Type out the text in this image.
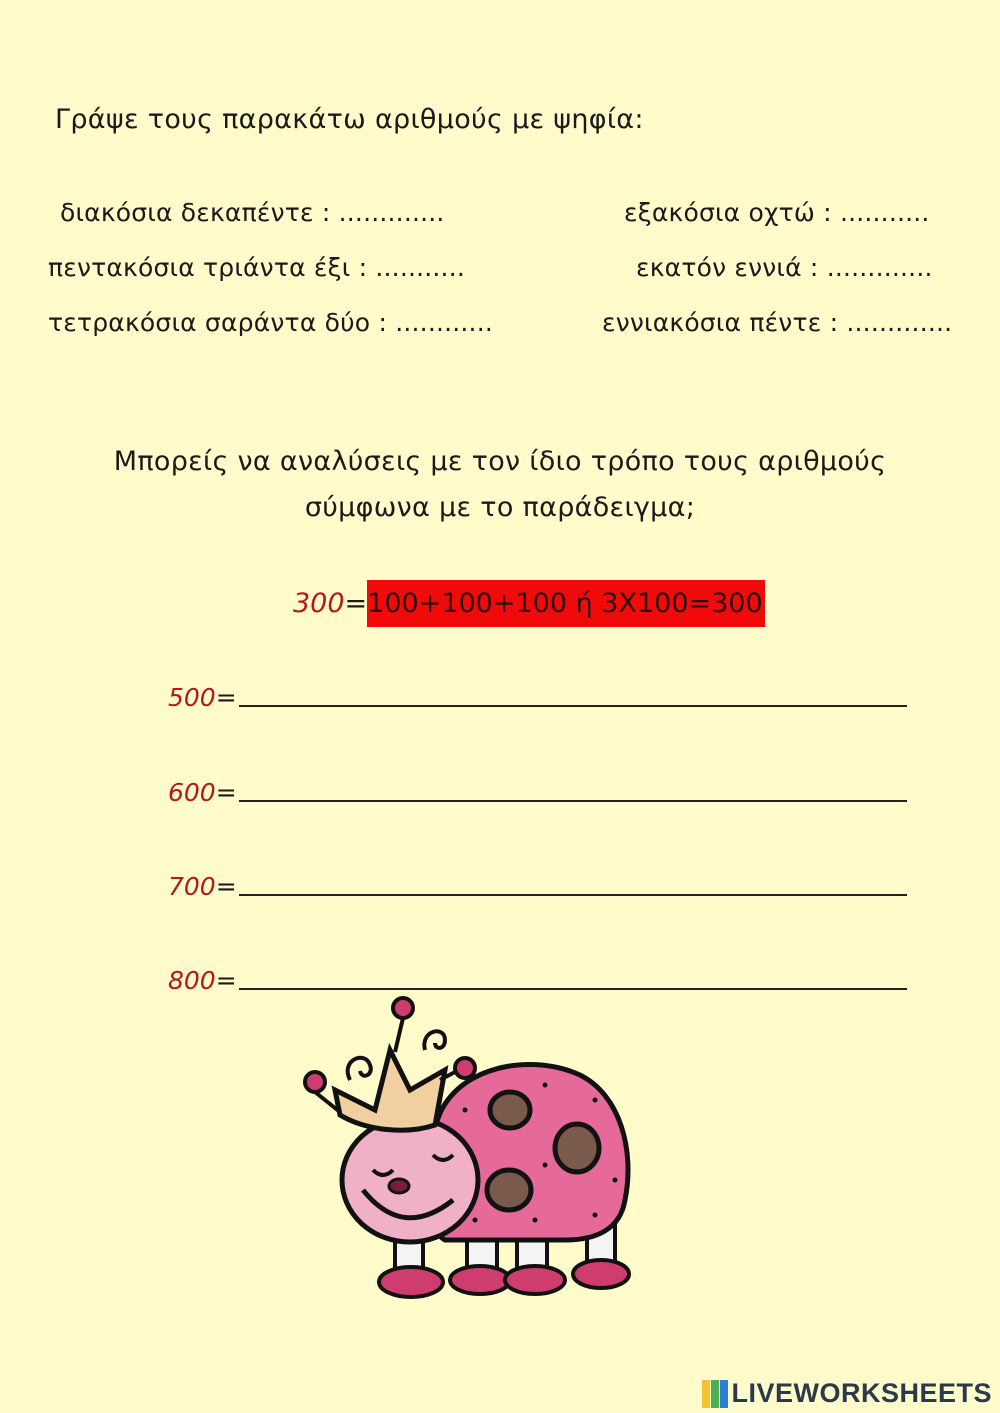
Γράψε τους παρακάτω αριθμούς με ψηφία:
διακόσια δεκαπέντε : .............
πεντακόσια τριάντα έξι : ...........
τετρακόσια σαράντα δύο : ............
εξακόσια οχτώ : ...........
εκατόν εννιά : .............
εννιακόσια πέντε : .............
Μπορείς να αναλύσεις με τον ίδιο τρόπο τους αριθμούς
σύμφωνα με το παράδειγμα;
300=100+100+100 ή 3Χ100=300
500 =
600 =
700 =
800 =
LIVEWORKSHEETS
